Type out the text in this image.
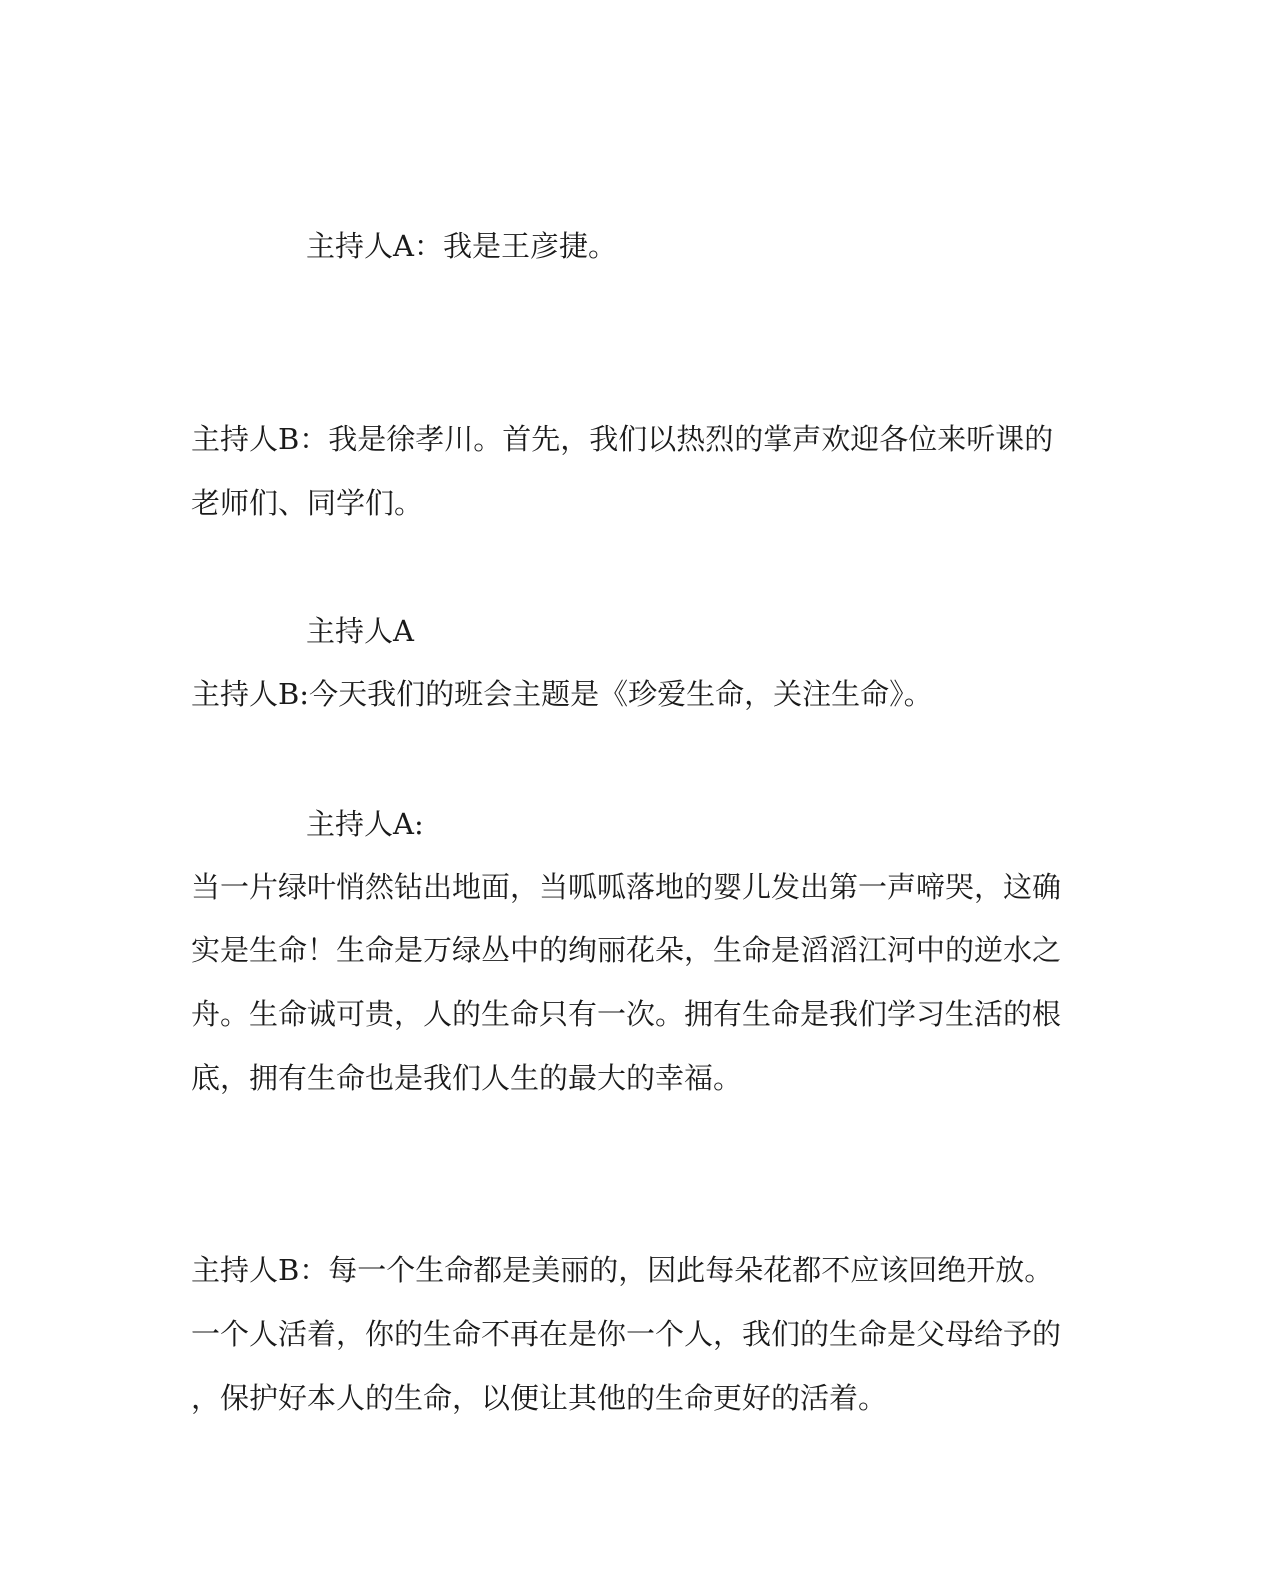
主持人A：我是王彦捷。
主持人B：我是徐孝川。首先，我们以热烈的掌声欢迎各位来听课的
老师们、同学们。
主持人A
主持人B:今天我们的班会主题是《珍爱生命，关注生命》。
主持人A:
当一片绿叶悄然钻出地面，当呱呱落地的婴儿发出第一声啼哭，这确
实是生命！生命是万绿丛中的绚丽花朵，生命是滔滔江河中的逆水之
舟。生命诚可贵，人的生命只有一次。拥有生命是我们学习生活的根
底，拥有生命也是我们人生的最大的幸福。
主持人B：每一个生命都是美丽的，因此每朵花都不应该回绝开放。
一个人活着，你的生命不再在是你一个人，我们的生命是父母给予的
，保护好本人的生命，以便让其他的生命更好的活着。
